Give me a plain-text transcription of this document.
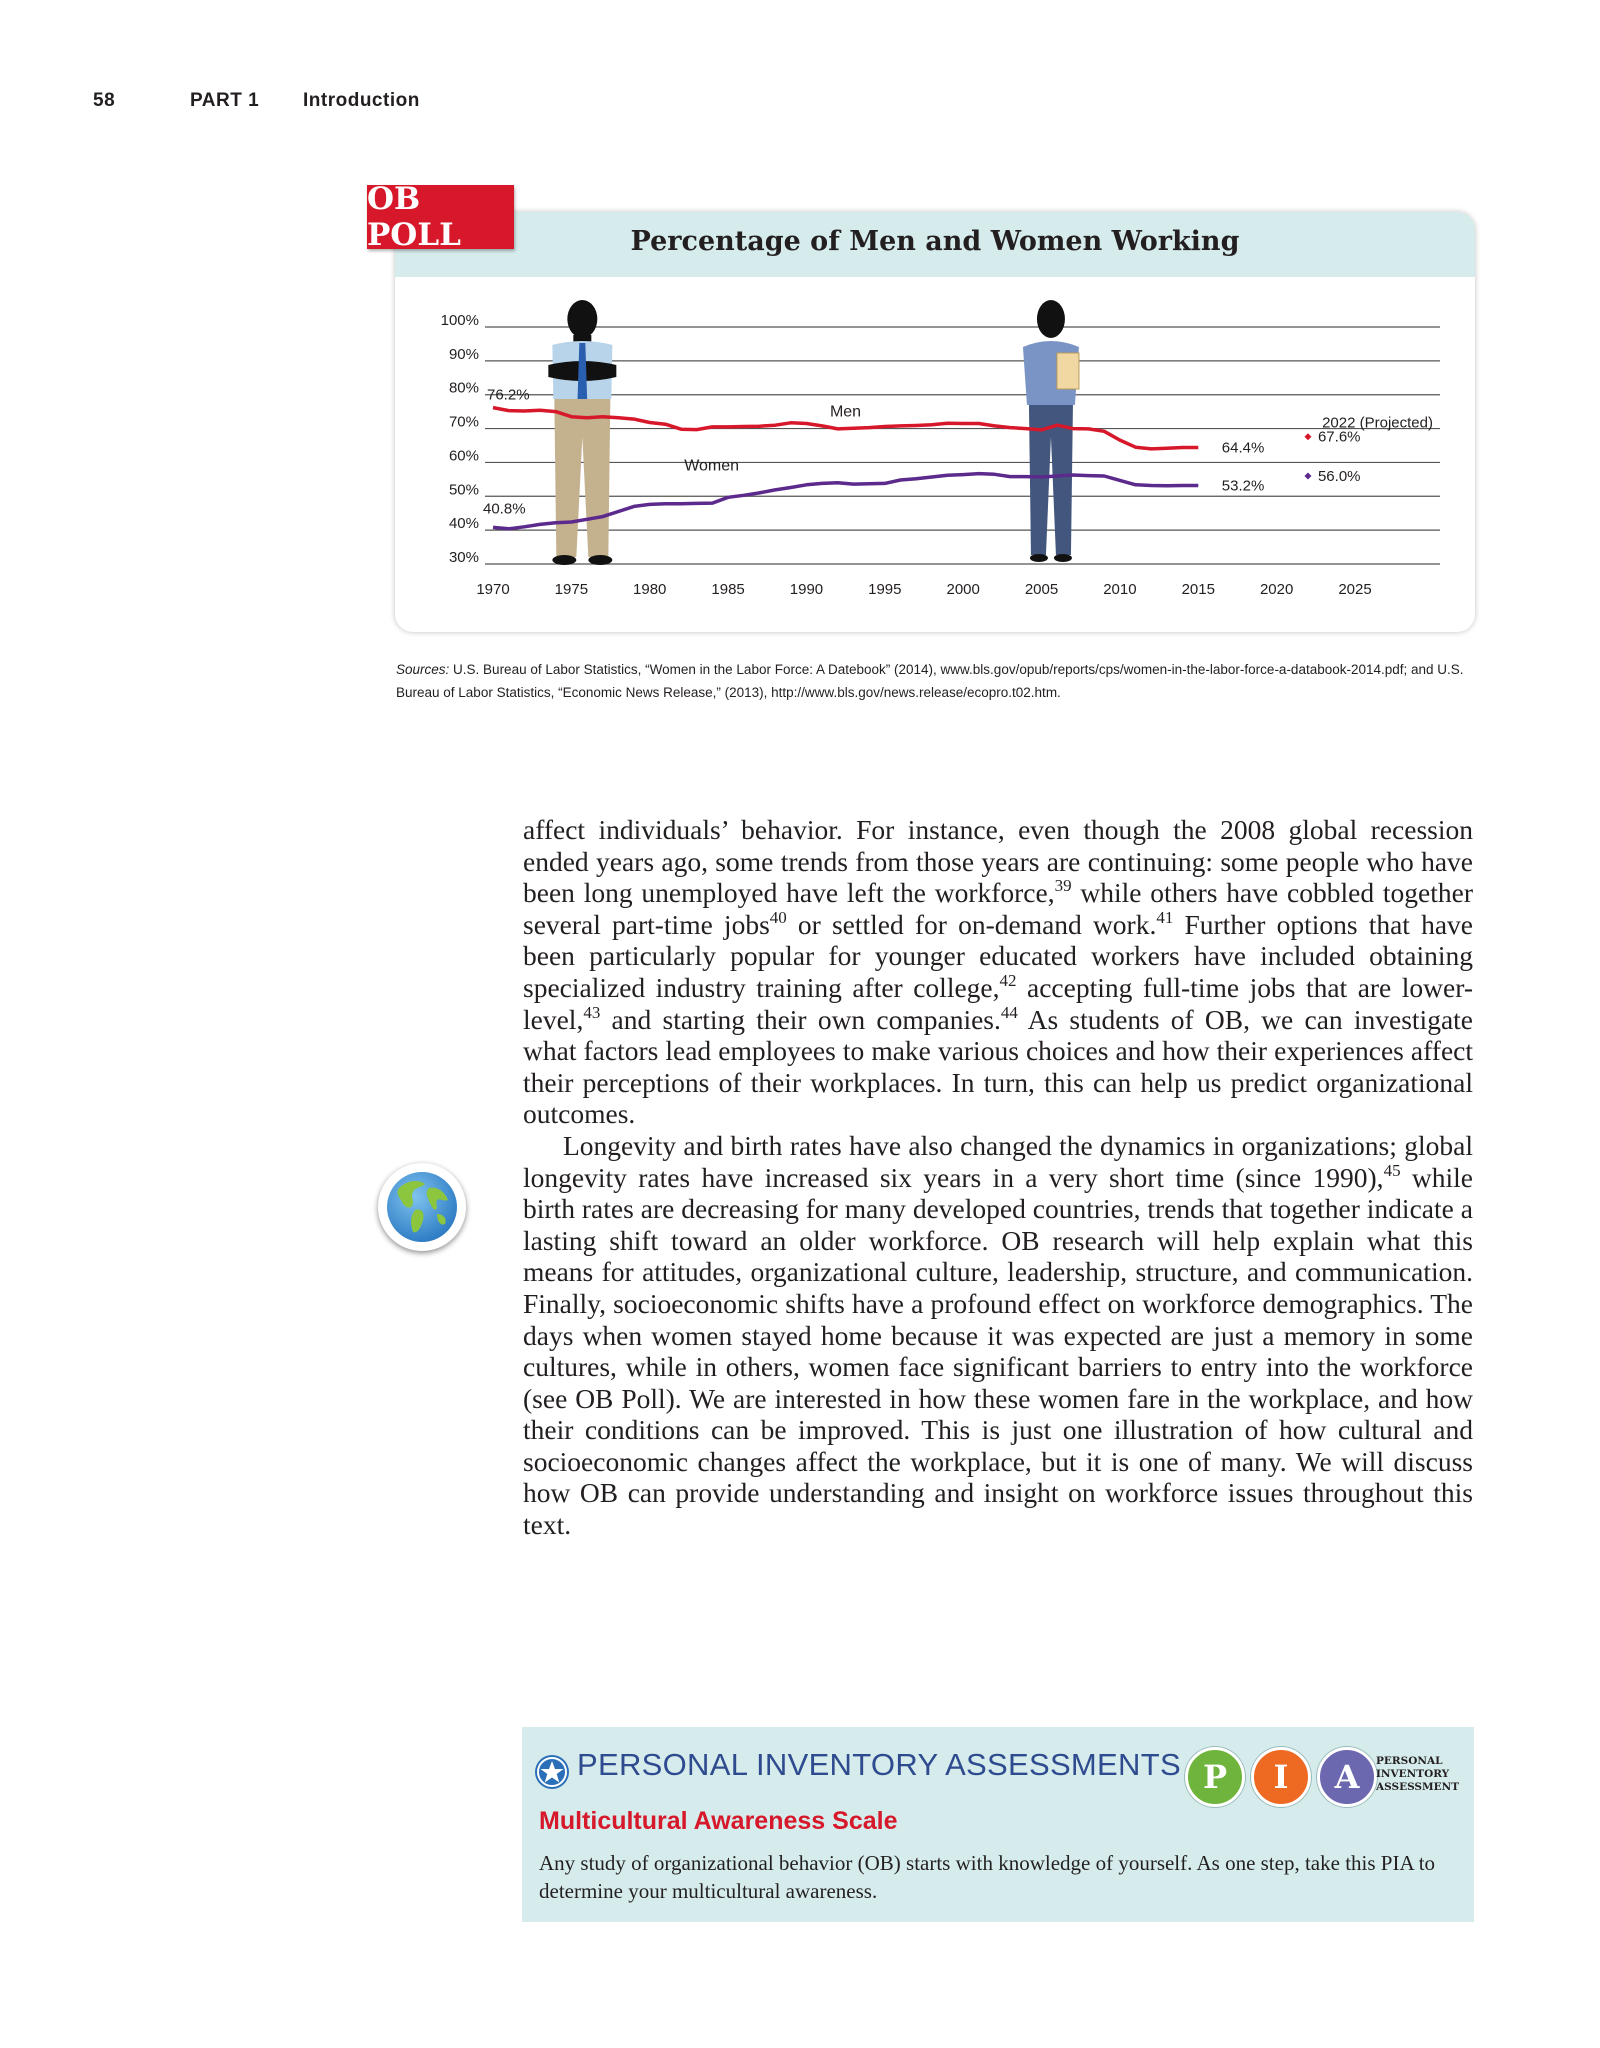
58	PART 1 Introduction
Percentage of Men and Women Working
100%
90%
80%
70%
60%
50%
40%
30%
1970	1975	1980	1985	1990	1995	2000	2005	2010	2015	2020	2025
76.2%
40.8%
Men
Women
64.4%
53.2%
2022 (Projected)
67.6%
56.0%
OB POLL
Sources: U.S. Bureau of Labor Statistics, “Women in the Labor Force: A Datebook” (2014), www.bls.gov/opub/reports/cps/women-in-the-labor-force-a-databook-2014.pdf; and U.S. Bureau of Labor Statistics, “Economic News Release,” (2013), http://www.bls.gov/news.release/ecopro.t02.htm.

affect individuals’ behavior. For instance, even though the 2008 global recession ended years ago, some trends from those years are continuing: some people who have been long unemployed have left the workforce,$^{39}$ while others have cobbled together several part-time jobs$^{40}$ or settled for on-demand work.$^{41}$ Further options that have been particularly popular for younger educated workers have included obtaining specialized industry training after college,$^{42}$ accepting full-time jobs that are lower-level,$^{43}$ and starting their own companies.$^{44}$ As students of OB, we can investigate what factors lead employees to make various choices and how their experiences affect their perceptions of their workplaces. In turn, this can help us predict organizational outcomes.

Longevity and birth rates have also changed the dynamics in organizations; global longevity rates have increased six years in a very short time (since 1990),$^{45}$ while birth rates are decreasing for many developed countries, trends that together indicate a lasting shift toward an older workforce. OB research will help explain what this means for attitudes, organizational culture, leadership, structure, and communication. Finally, socioeconomic shifts have a profound effect on workforce demographics. The days when women stayed home because it was expected are just a memory in some cultures, while in others, women face significant barriers to entry into the workforce (see OB Poll). We are interested in how these women fare in the workplace, and how their conditions can be improved. This is just one illustration of how cultural and socioeconomic changes affect the workplace, but it is one of many. We will discuss how OB can provide understanding and insight on workforce issues throughout this text.

PERSONAL INVENTORY ASSESSMENTS P	I	A	PERSONAL
INVENTORY
ASSESSMENT
Multicultural Awareness Scale
Any study of organizational behavior (OB) starts with knowledge of yourself. As one step, take this PIA to determine your multicultural awareness.
